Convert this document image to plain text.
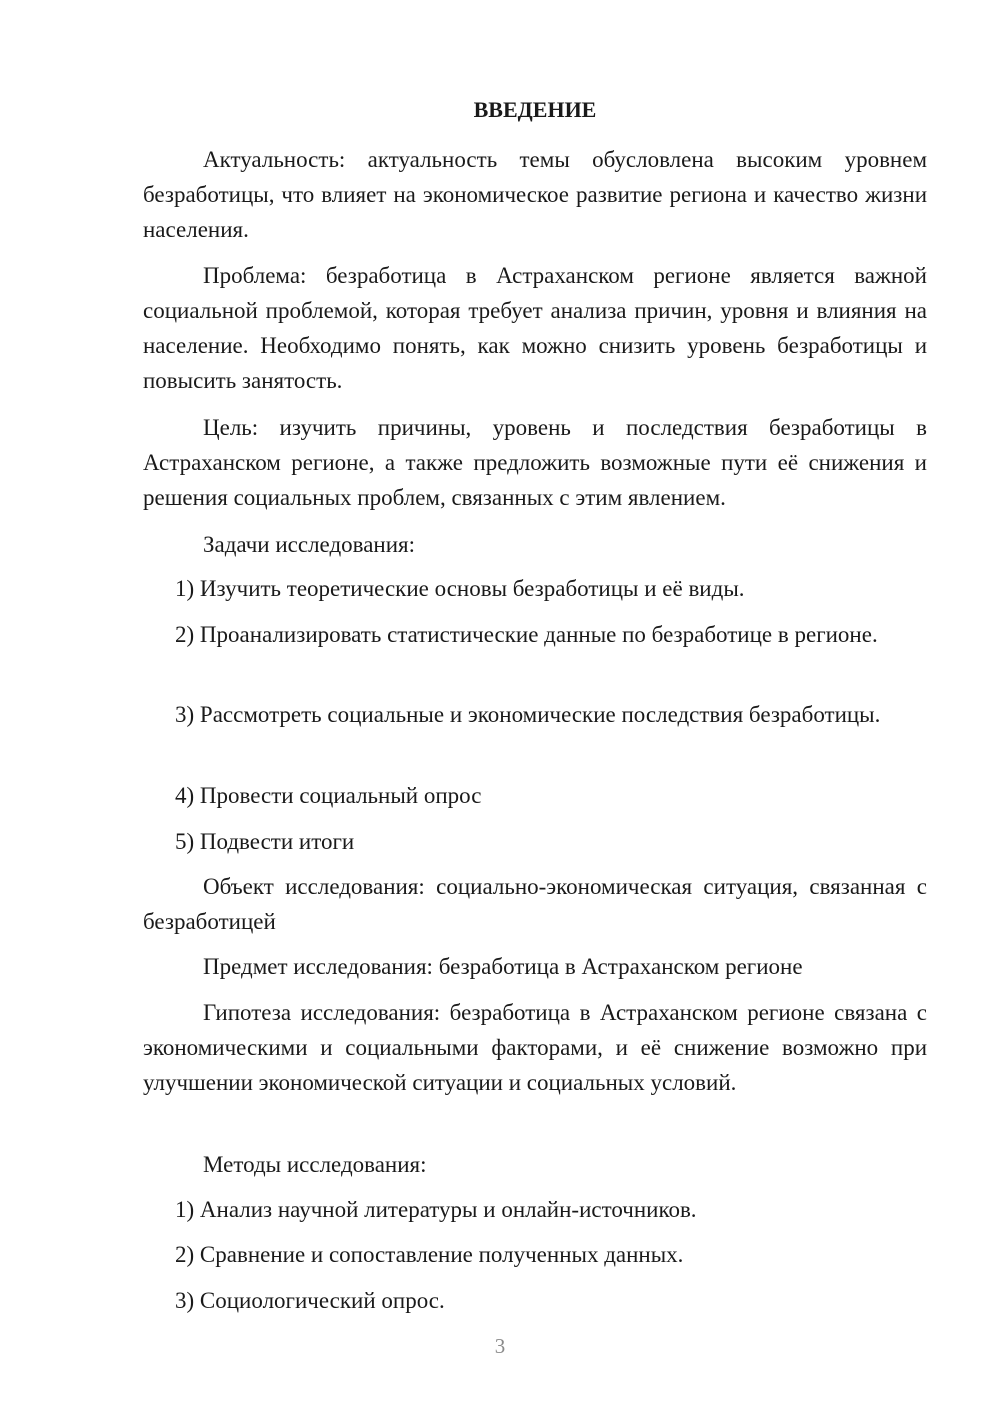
ВВЕДЕНИЕ
Актуальность: актуальность темы обусловлена высоким уровнем безработицы, что влияет на экономическое развитие региона и качество жизни населения.
Проблема: безработица в Астраханском регионе является важной социальной проблемой, которая требует анализа причин, уровня и влияния на население. Необходимо понять, как можно снизить уровень безработицы и повысить занятость.
Цель: изучить причины, уровень и последствия безработицы в Астраханском регионе, а также предложить возможные пути её снижения и решения социальных проблем, связанных с этим явлением.
Задачи исследования:
1) Изучить теоретические основы безработицы и её виды.
2) Проанализировать статистические данные по безработице в регионе.
3) Рассмотреть социальные и экономические последствия безработицы.
4) Провести социальный опрос
5) Подвести итоги
Объект исследования: социально-экономическая ситуация, связанная с безработицей
Предмет исследования: безработица в Астраханском регионе
Гипотеза исследования: безработица в Астраханском регионе связана с экономическими и социальными факторами, и её снижение возможно при улучшении экономической ситуации и социальных условий.
Методы исследования:
1) Анализ научной литературы и онлайн-источников.
2) Сравнение и сопоставление полученных данных.
3) Социологический опрос.
3
